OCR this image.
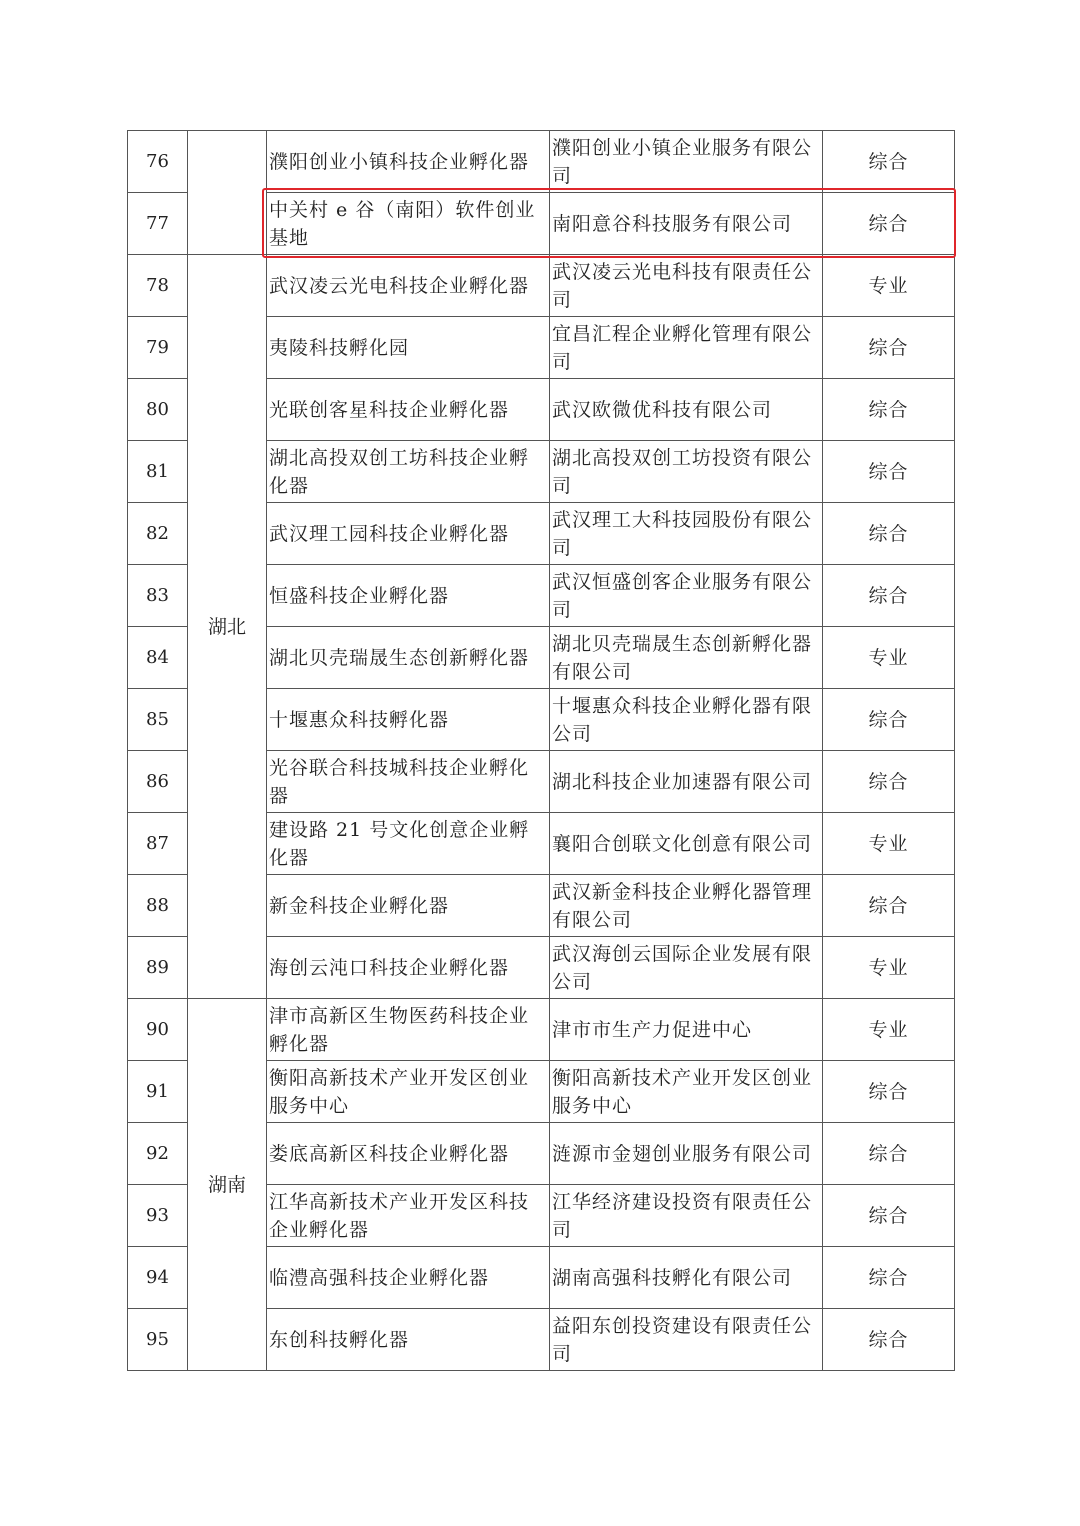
76		濮阳创业小镇科技企业孵化器	濮阳创业小镇企业服务有限公司	综合
77		中关村 e 谷（南阳）软件创业基地	南阳意谷科技服务有限公司	综合
78	湖北	武汉凌云光电科技企业孵化器	武汉凌云光电科技有限责任公司	专业
79		夷陵科技孵化园	宜昌汇程企业孵化管理有限公司	综合
80		光联创客星科技企业孵化器	武汉欧微优科技有限公司	综合
81		湖北高投双创工坊科技企业孵化器	湖北高投双创工坊投资有限公司	综合
82		武汉理工园科技企业孵化器	武汉理工大科技园股份有限公司	综合
83		恒盛科技企业孵化器	武汉恒盛创客企业服务有限公司	综合
84		湖北贝壳瑞晟生态创新孵化器	湖北贝壳瑞晟生态创新孵化器有限公司	专业
85		十堰惠众科技孵化器	十堰惠众科技企业孵化器有限公司	综合
86		光谷联合科技城科技企业孵化器	湖北科技企业加速器有限公司	综合
87		建设路 21 号文化创意企业孵化器	襄阳合创联文化创意有限公司	专业
88		新金科技企业孵化器	武汉新金科技企业孵化器管理有限公司	综合
89		海创云沌口科技企业孵化器	武汉海创云国际企业发展有限公司	专业
90	湖南	津市高新区生物医药科技企业孵化器	津市市生产力促进中心	专业
91		衡阳高新技术产业开发区创业服务中心	衡阳高新技术产业开发区创业服务中心	综合
92		娄底高新区科技企业孵化器	涟源市金翅创业服务有限公司	综合
93		江华高新技术产业开发区科技企业孵化器	江华经济建设投资有限责任公司	综合
94		临澧高强科技企业孵化器	湖南高强科技孵化有限公司	综合
95		东创科技孵化器	益阳东创投资建设有限责任公司	综合
